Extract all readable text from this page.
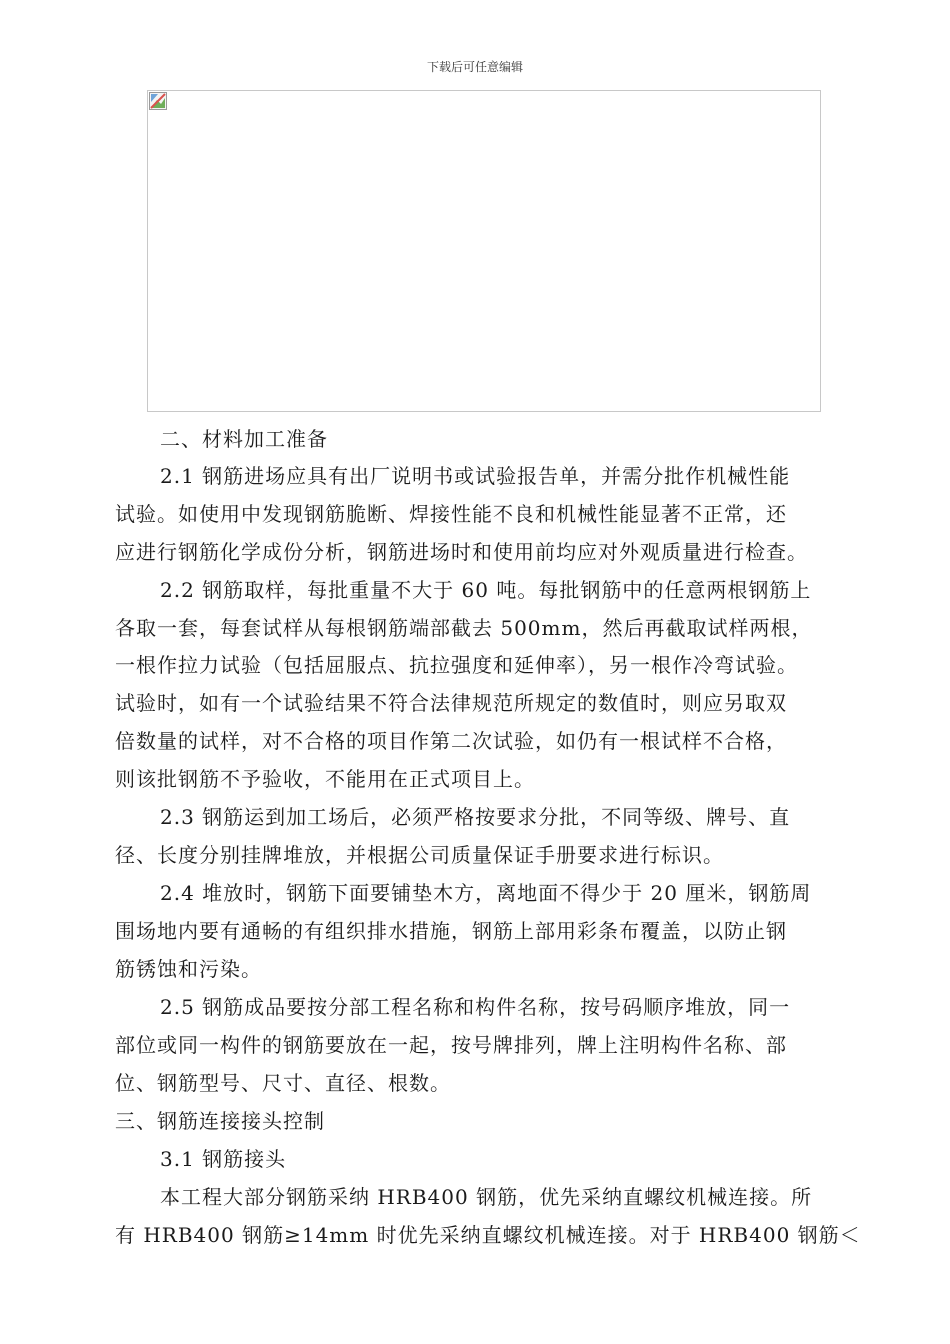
下载后可任意编辑
二、材料加工准备
2.1 钢筋进场应具有出厂说明书或试验报告单，并需分批作机械性能
试验。如使用中发现钢筋脆断、焊接性能不良和机械性能显著不正常，还
应进行钢筋化学成份分析，钢筋进场时和使用前均应对外观质量进行检查。
2.2 钢筋取样，每批重量不大于 60 吨。每批钢筋中的任意两根钢筋上
各取一套，每套试样从每根钢筋端部截去 500mm，然后再截取试样两根，
一根作拉力试验（包括屈服点、抗拉强度和延伸率），另一根作冷弯试验。
试验时，如有一个试验结果不符合法律规范所规定的数值时，则应另取双
倍数量的试样，对不合格的项目作第二次试验，如仍有一根试样不合格，
则该批钢筋不予验收，不能用在正式项目上。
2.3 钢筋运到加工场后，必须严格按要求分批，不同等级、牌号、直
径、长度分别挂牌堆放，并根据公司质量保证手册要求进行标识。
2.4 堆放时，钢筋下面要铺垫木方，离地面不得少于 20 厘米，钢筋周
围场地内要有通畅的有组织排水措施，钢筋上部用彩条布覆盖，以防止钢
筋锈蚀和污染。
2.5 钢筋成品要按分部工程名称和构件名称，按号码顺序堆放，同一
部位或同一构件的钢筋要放在一起，按号牌排列，牌上注明构件名称、部
位、钢筋型号、尺寸、直径、根数。
三、钢筋连接接头控制
3.1 钢筋接头
本工程大部分钢筋采纳 HRB400 钢筋，优先采纳直螺纹机械连接。所
有 HRB400 钢筋≥14mm 时优先采纳直螺纹机械连接。对于 HRB400 钢筋＜
